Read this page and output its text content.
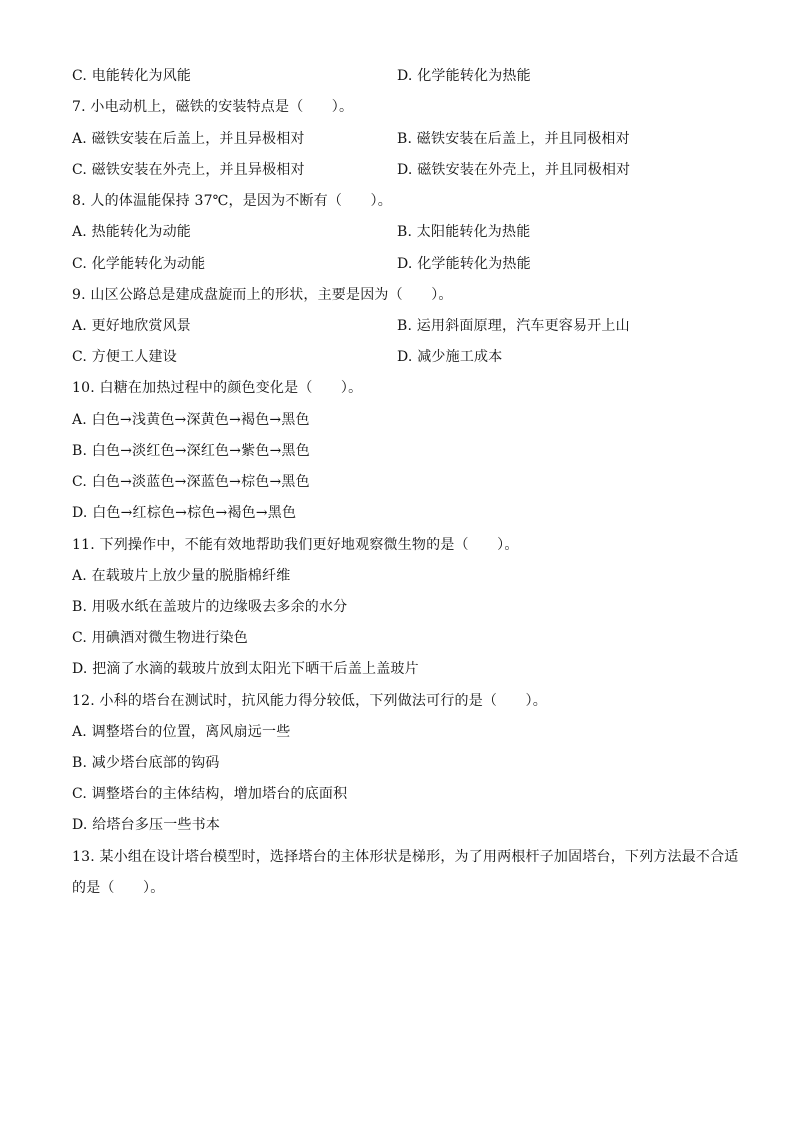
C. 电能转化为风能	D. 化学能转化为热能
7. 小电动机上，磁铁的安装特点是（　　）。
A. 磁铁安装在后盖上，并且异极相对	B. 磁铁安装在后盖上，并且同极相对
C. 磁铁安装在外壳上，并且异极相对	D. 磁铁安装在外壳上，并且同极相对
8. 人的体温能保持 37℃，是因为不断有（　　）。
A. 热能转化为动能	B. 太阳能转化为热能
C. 化学能转化为动能	D. 化学能转化为热能
9. 山区公路总是建成盘旋而上的形状，主要是因为（　　）。
A. 更好地欣赏风景	B. 运用斜面原理，汽车更容易开上山
C. 方便工人建设	D. 减少施工成本
10. 白糖在加热过程中的颜色变化是（　　）。
A. 白色→浅黄色→深黄色→褐色→黑色
B. 白色→淡红色→深红色→紫色→黑色
C. 白色→淡蓝色→深蓝色→棕色→黑色
D. 白色→红棕色→棕色→褐色→黑色
11. 下列操作中，不能有效地帮助我们更好地观察微生物的是（　　）。
A. 在载玻片上放少量的脱脂棉纤维
B. 用吸水纸在盖玻片的边缘吸去多余的水分
C. 用碘酒对微生物进行染色
D. 把滴了水滴的载玻片放到太阳光下晒干后盖上盖玻片
12. 小科的塔台在测试时，抗风能力得分较低，下列做法可行的是（　　）。
A. 调整塔台的位置，离风扇远一些
B. 减少塔台底部的钩码
C. 调整塔台的主体结构，增加塔台的底面积
D. 给塔台多压一些书本
13. 某小组在设计塔台模型时，选择塔台的主体形状是梯形，为了用两根杆子加固塔台，下列方法最不合适
的是（　　）。
